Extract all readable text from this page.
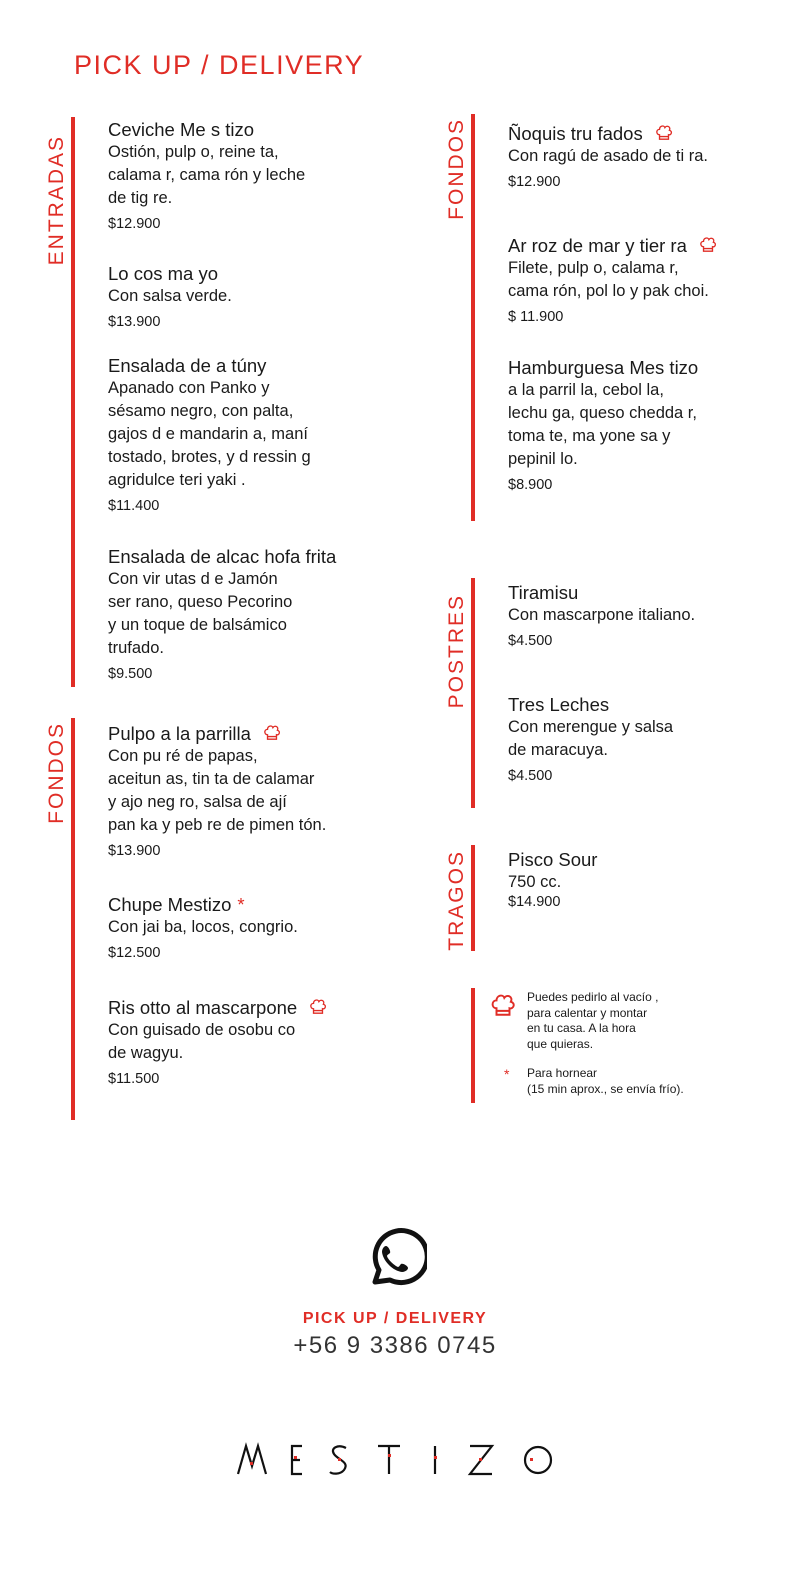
PICK UP / DELIVERY
ENTRADAS
Ceviche Me s tizo
Ostión, pulp o, reine ta,
calama r, cama rón y leche
de tig re.
$12.900
Lo cos ma yo
Con salsa verde.
$13.900
Ensalada de a túny
Apanado con Panko y
sésamo negro, con palta,
gajos d e mandarin a, maní
tostado, brotes, y d ressin g
agridulce teri yaki .
$11.400
Ensalada de alcac hofa frita
Con vir utas d e Jamón
ser rano, queso Pecorino
y un toque de balsámico
trufado.
$9.500
FONDOS Pulpo a la parrilla
Con pu ré de papas,
aceitun as, tin ta de calamar
y ajo neg ro, salsa de ají
pan ka y peb re de pimen tón.
$13.900
Chupe Mestizo *
Con jai ba, locos, congrio.
$12.500
Ris otto al mascarpone
Con guisado de osobu co
de wagyu.
$11.500
FONDOS Ñoquis tru fados
Con ragú de asado de ti ra.
$12.900
Ar roz de mar y tier ra
Filete, pulp o, calama r,
cama rón, pol lo y pak choi.
$ 11.900
Hamburguesa Mes tizo
a la parril la, cebol la,
lechu ga, queso chedda r,
toma te, ma yone sa y
pepinil lo.
$8.900
POSTRES
Tiramisu
Con mascarpone italiano.
$4.500
Tres Leches
Con merengue y salsa
de maracuya.
$4.500
TRAGOS Pisco Sour
750 cc.
$14.900
Puedes pedirlo al vacío ,
para calentar y montar
en tu casa. A la hora
que quieras.
* Para hornear
(15 min aprox., se envía frío).
PICK UP / DELIVERY
+56 9 3386 0745
